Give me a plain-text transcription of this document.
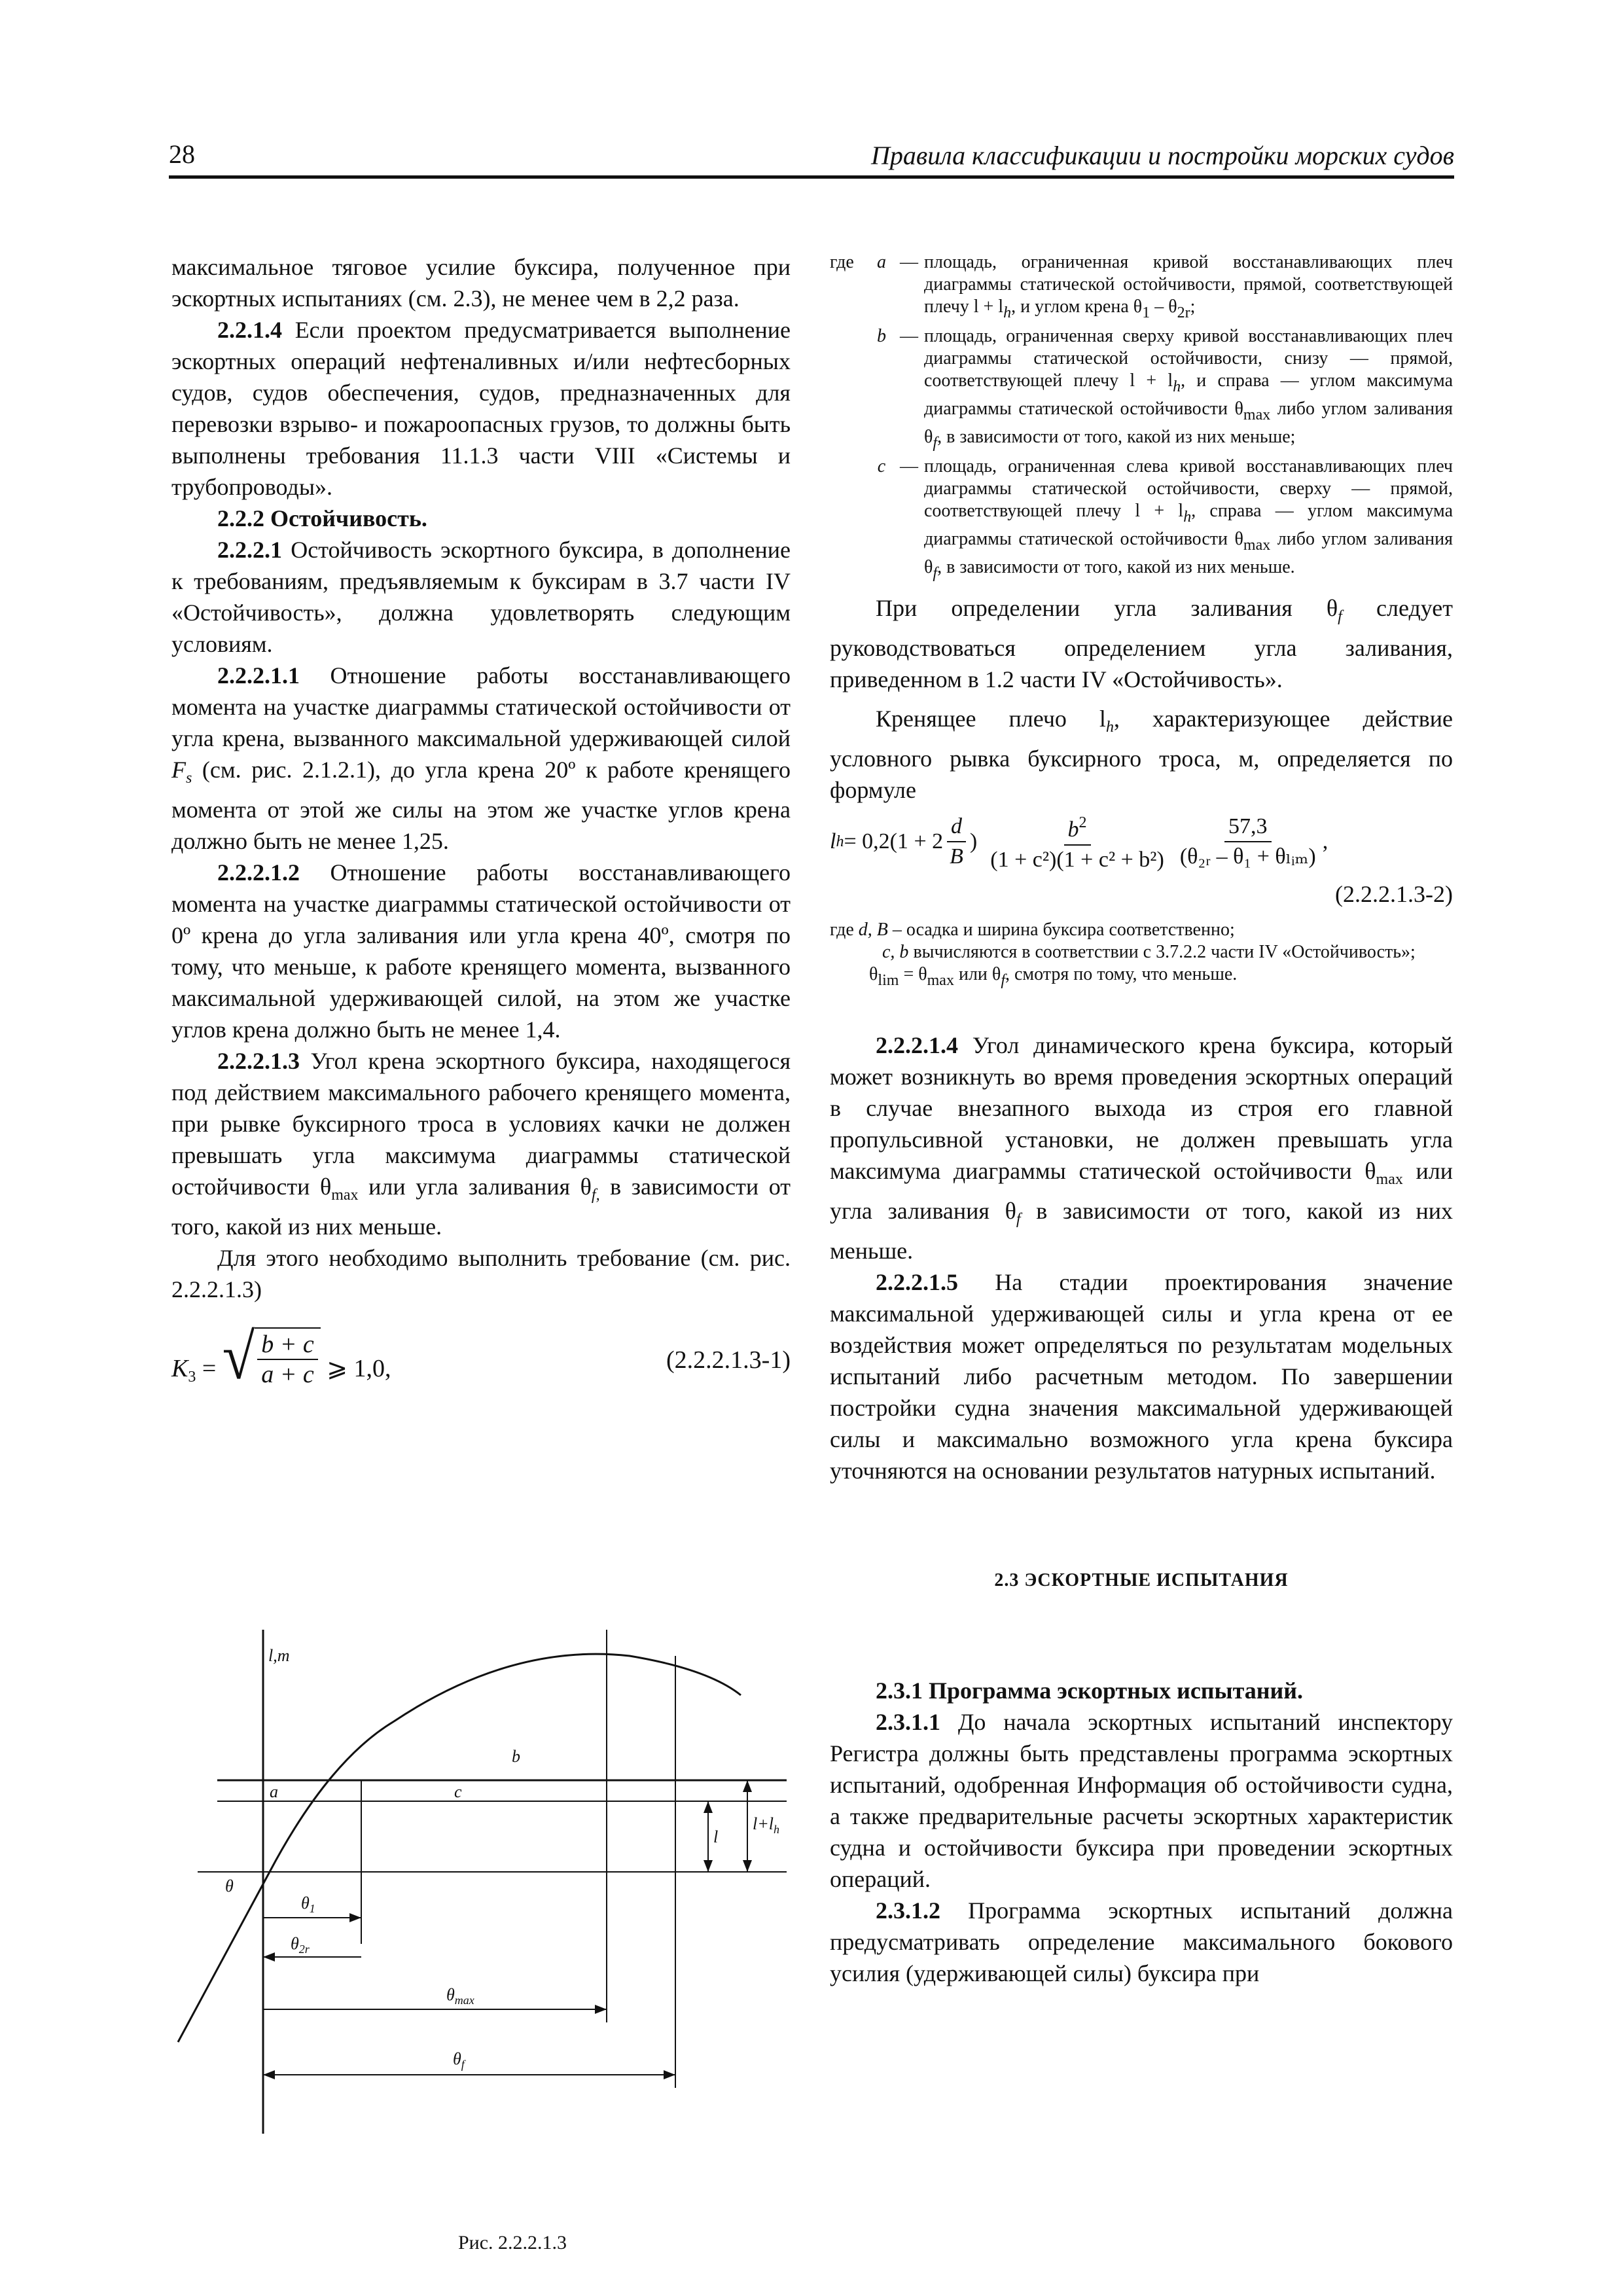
28	Правила классификации и постройки морских судов

максимальное тяговое усилие буксира, полученное при эскортных испытаниях (см. 2.3), не менее чем в 2,2 раза.

2.2.1.4 Если проектом предусматривается выполнение эскортных операций нефтеналивных и/или нефтесборных судов, судов обеспечения, судов, предназначенных для перевозки взрыво- и пожароопасных грузов, то должны быть выполнены требования 11.1.3 части VIII «Системы и трубопроводы».

2.2.2 Остойчивость.

2.2.2.1 Остойчивость эскортного буксира, в дополнение к требованиям, предъявляемым к буксирам в 3.7 части IV «Остойчивость», должна удовлетворять следующим условиям.

2.2.2.1.1 Отношение работы восстанавливающего момента на участке диаграммы статической остойчивости от угла крена, вызванного максимальной удерживающей силой $F_s$ (см. рис. 2.1.2.1), до угла крена 20º к работе кренящего момента от этой же силы на этом же участке углов крена должно быть не менее 1,25.

2.2.2.1.2 Отношение работы восстанавливающего момента на участке диаграммы статической остойчивости от 0º крена до угла заливания или угла крена 40º, смотря по тому, что меньше, к работе кренящего момента, вызванного максимальной удерживающей силой, на этом же участке углов крена должно быть не менее 1,4.

2.2.2.1.3 Угол крена эскортного буксира, находящегося под действием максимального рабочего кренящего момента, при рывке буксирного троса в условиях качки не должен превышать угла максимума диаграммы статической остойчивости $\theta_{max}$ или угла заливания $\theta_{f,}$ в зависимости от того, какой из них меньше.

Для этого необходимо выполнить требование (см. рис. 2.2.2.1.3)

$K_3$ = √ $\frac{b + c}{a + c}$ ⩾ 1,0,	(2.2.2.1.3-1)
l,m
a
b
c
l
$l+l_h$
θ
$\theta_1$
$\theta_{2r}$
$\theta_{max}$
$\theta_f$
Рис. 2.2.2.1.3
где	a — площадь, ограниченная кривой восстанавливающих плеч диаграммы статической остойчивости, прямой, соответствующей плечу l + lh, и углом крена θ1 – θ2r;
b — площадь, ограниченная сверху кривой восстанавливающих плеч диаграммы статической остойчивости, снизу — прямой, соответствующей плечу l + lh, и справа — углом максимума диаграммы статической остойчивости θmax либо углом заливания θf, в зависимости от того, какой из них меньше;
c — площадь, ограниченная слева кривой восстанавливающих плеч диаграммы статической остойчивости, сверху — прямой, соответствующей плечу l + lh, справа — углом максимума диаграммы статической остойчивости θmax либо углом заливания θf, в зависимости от того, какой из них меньше.

При определении угла заливания $\theta_f$ следует руководствоваться определением угла заливания, приведенном в 1.2 части IV «Остойчивость».

Кренящее плечо $l_h$, характеризующее действие условного рывка буксирного троса, м, определяется по формуле

l h = 0,2 ($1 + 2 \frac{d}{B}$ ) $\frac{b^2}{\text{(1 + c²)(1 + c² + b²)}} \frac{57,3}{\text{(θ₂ᵣ – θ₁ + θₗᵢₘ)}}$ ,

(2.2.2.1.3-2)

где d, B – осадка и ширина буксира соответственно;
c, b вычисляются в соответствии с 3.7.2.2 части IV «Остойчивость»;
θlim = θmax или θf, смотря по тому, что меньше.

2.2.2.1.4 Угол динамического крена буксира, который может возникнуть во время проведения эскортных операций в случае внезапного выхода из строя его главной пропульсивной установки, не должен превышать угла максимума диаграммы статической остойчивости $\theta_{max}$ или угла заливания $\theta_f$ в зависимости от того, какой из них меньше.

2.2.2.1.5 На стадии проектирования значение максимальной удерживающей силы и угла крена от ее воздействия может определяться по результатам модельных испытаний либо расчетным методом. По завершении постройки судна значения максимальной удерживающей силы и максимально возможного угла крена буксира уточняются на основании результатов натурных испытаний.

2.3 ЭСКОРТНЫЕ ИСПЫТАНИЯ

2.3.1 Программа эскортных испытаний.

2.3.1.1 До начала эскортных испытаний инспектору Регистра должны быть представлены программа эскортных испытаний, одобренная Информация об остойчивости судна, а также предварительные расчеты эскортных характеристик судна и остойчивости буксира при проведении эскортных операций.

2.3.1.2 Программа эскортных испытаний должна предусматривать определение максимального бокового усилия (удерживающей силы) буксира при
